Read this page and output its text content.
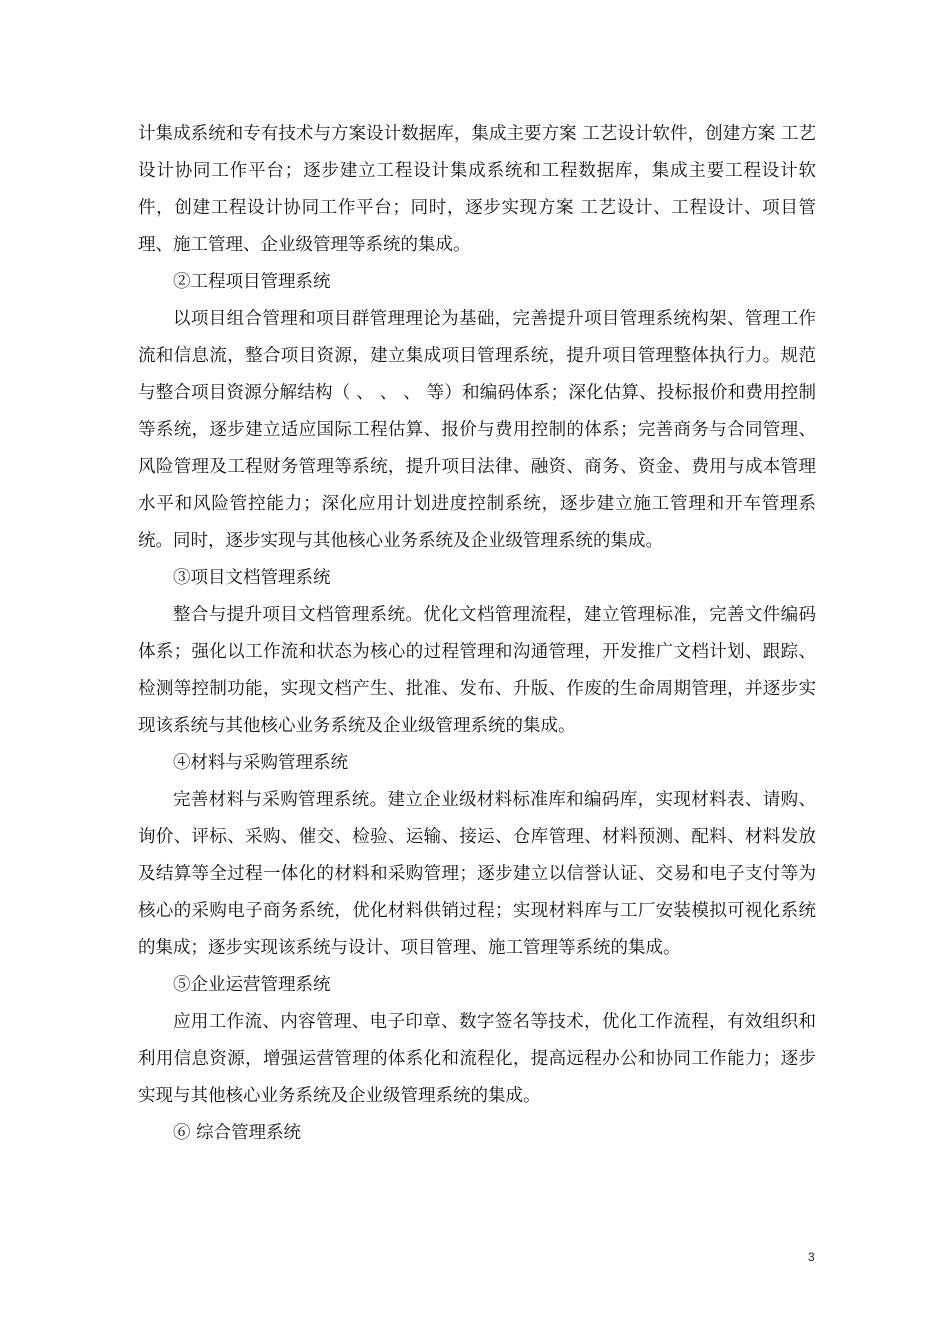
计集成系统和专有技术与方案设计数据库，集成主要方案 工艺设计软件，创建方案 工艺设计协同工作平台；逐步建立工程设计集成系统和工程数据库，集成主要工程设计软件，创建工程设计协同工作平台；同时，逐步实现方案 工艺设计、工程设计、项目管理、施工管理、企业级管理等系统的集成。

②工程项目管理系统

以项目组合管理和项目群管理理论为基础，完善提升项目管理系统构架、管理工作流和信息流，整合项目资源，建立集成项目管理系统，提升项目管理整体执行力。规范与整合项目资源分解结构（ 、 、 、 等）和编码体系；深化估算、投标报价和费用控制等系统，逐步建立适应国际工程估算、报价与费用控制的体系；完善商务与合同管理、风险管理及工程财务管理等系统，提升项目法律、融资、商务、资金、费用与成本管理水平和风险管控能力；深化应用计划进度控制系统，逐步建立施工管理和开车管理系统。同时，逐步实现与其他核心业务系统及企业级管理系统的集成。

③项目文档管理系统

整合与提升项目文档管理系统。优化文档管理流程，建立管理标准，完善文件编码体系；强化以工作流和状态为核心的过程管理和沟通管理，开发推广文档计划、跟踪、检测等控制功能，实现文档产生、批准、发布、升版、作废的生命周期管理，并逐步实现该系统与其他核心业务系统及企业级管理系统的集成。

④材料与采购管理系统

完善材料与采购管理系统。建立企业级材料标准库和编码库，实现材料表、请购、询价、评标、采购、催交、检验、运输、接运、仓库管理、材料预测、配料、材料发放及结算等全过程一体化的材料和采购管理；逐步建立以信誉认证、交易和电子支付等为核心的采购电子商务系统，优化材料供销过程；实现材料库与工厂安装模拟可视化系统的集成；逐步实现该系统与设计、项目管理、施工管理等系统的集成。

⑤企业运营管理系统

应用工作流、内容管理、电子印章、数字签名等技术，优化工作流程，有效组织和利用信息资源，增强运营管理的体系化和流程化，提高远程办公和协同工作能力；逐步实现与其他核心业务系统及企业级管理系统的集成。

⑥ 综合管理系统

3
